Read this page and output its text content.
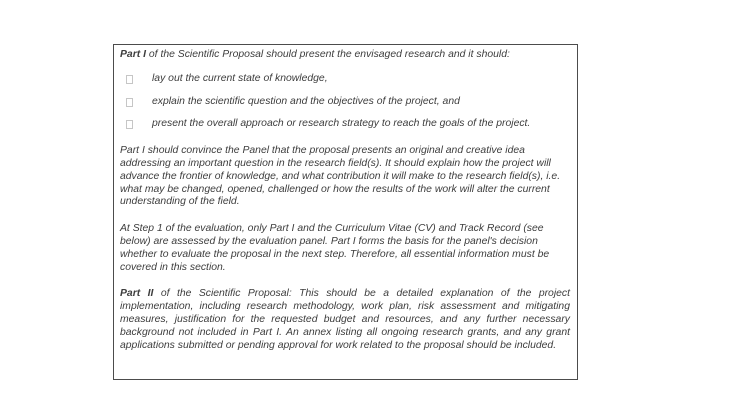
Part I of the Scientific Proposal should present the envisaged research and it should:

lay out the current state of knowledge,

explain the scientific question and the objectives of the project, and

present the overall approach or research strategy to reach the goals of the project.

Part I should convince the Panel that the proposal presents an original and creative idea addressing an important question in the research field(s). It should explain how the project will advance the frontier of knowledge, and what contribution it will make to the research field(s), i.e. what may be changed, opened, challenged or how the results of the work will alter the current understanding of the field.

At Step 1 of the evaluation, only Part I and the Curriculum Vitae (CV) and Track Record (see below) are assessed by the evaluation panel. Part I forms the basis for the panel's decision whether to evaluate the proposal in the next step. Therefore, all essential information must be covered in this section.

Part II of the Scientific Proposal: This should be a detailed explanation of the project implementation, including research methodology, work plan, risk assessment and mitigating measures, justification for the requested budget and resources, and any further necessary background not included in Part I. An annex listing all ongoing research grants, and any grant applications submitted or pending approval for work related to the proposal should be included.
